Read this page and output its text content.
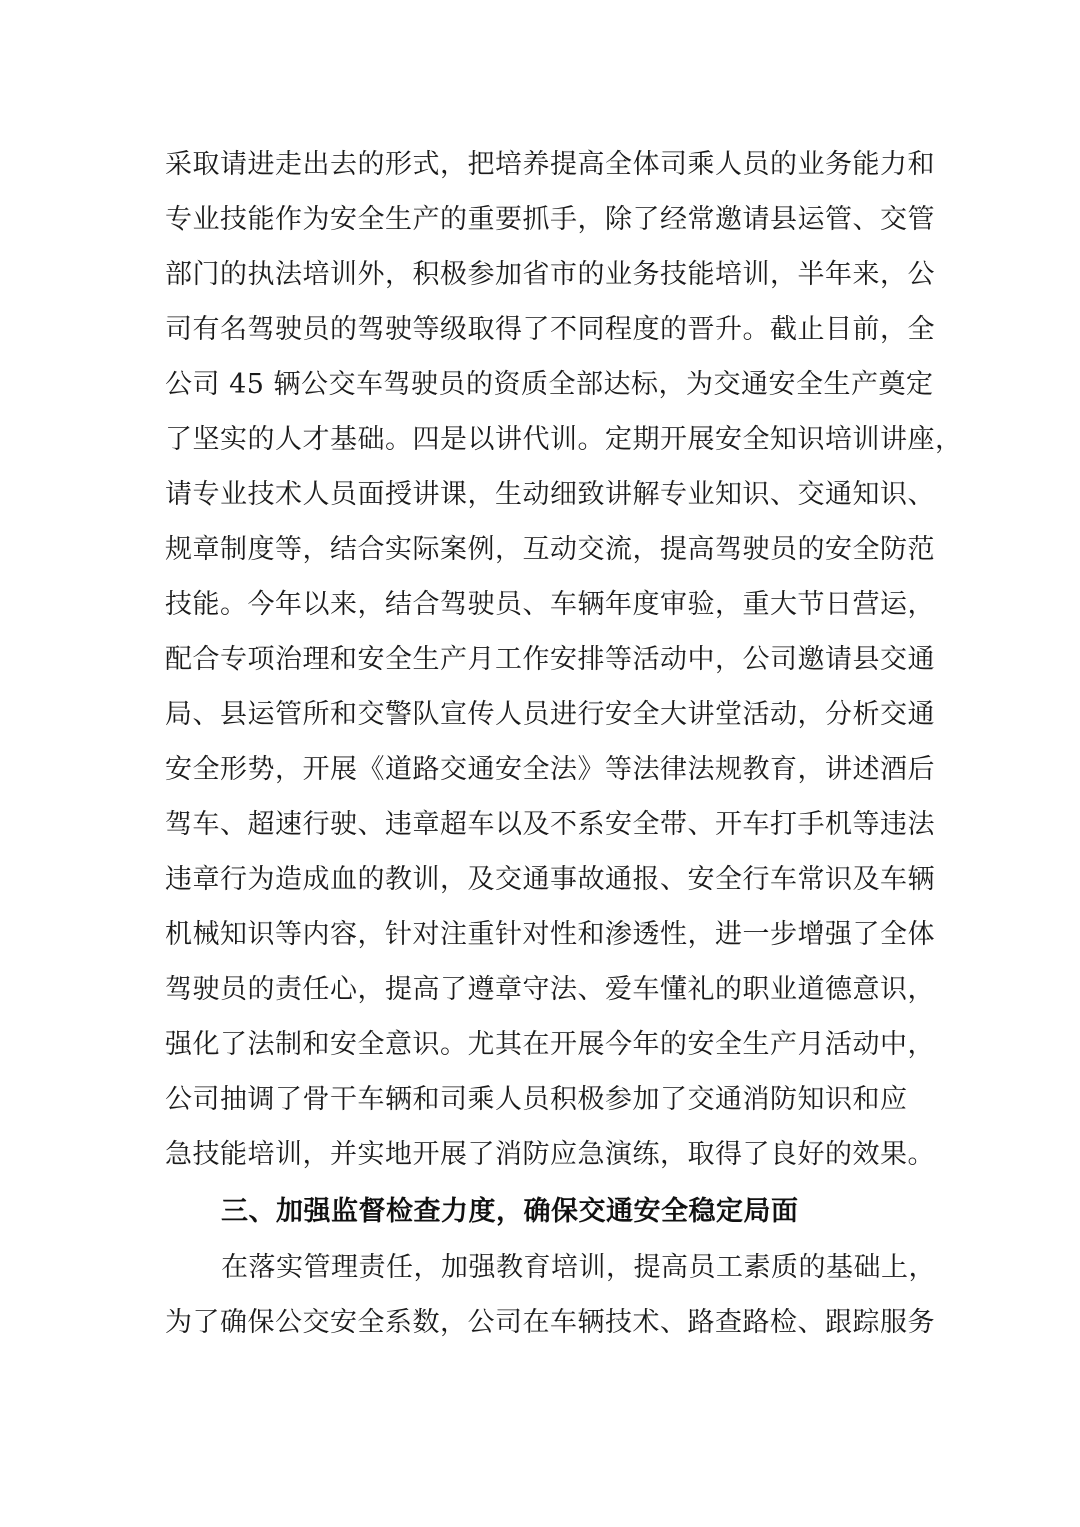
采取请进走出去的形式，把培养提高全体司乘人员的业务能力和
专业技能作为安全生产的重要抓手，除了经常邀请县运管、交管
部门的执法培训外，积极参加省市的业务技能培训，半年来，公
司有名驾驶员的驾驶等级取得了不同程度的晋升。截止目前，全
公司 45 辆公交车驾驶员的资质全部达标，为交通安全生产奠定
了坚实的人才基础。四是以讲代训。定期开展安全知识培训讲座，
请专业技术人员面授讲课，生动细致讲解专业知识、交通知识、
规章制度等，结合实际案例，互动交流，提高驾驶员的安全防范
技能。今年以来，结合驾驶员、车辆年度审验，重大节日营运，
配合专项治理和安全生产月工作安排等活动中，公司邀请县交通
局、县运管所和交警队宣传人员进行安全大讲堂活动，分析交通
安全形势，开展《道路交通安全法》等法律法规教育，讲述酒后
驾车、超速行驶、违章超车以及不系安全带、开车打手机等违法
违章行为造成血的教训，及交通事故通报、安全行车常识及车辆
机械知识等内容，针对注重针对性和渗透性，进一步增强了全体
驾驶员的责任心，提高了遵章守法、爱车懂礼的职业道德意识，
强化了法制和安全意识。尤其在开展今年的安全生产月活动中，
公司抽调了骨干车辆和司乘人员积极参加了交通消防知识和应
急技能培训，并实地开展了消防应急演练，取得了良好的效果。
三、加强监督检查力度，确保交通安全稳定局面
在落实管理责任，加强教育培训，提高员工素质的基础上，
为了确保公交安全系数，公司在车辆技术、路查路检、跟踪服务
